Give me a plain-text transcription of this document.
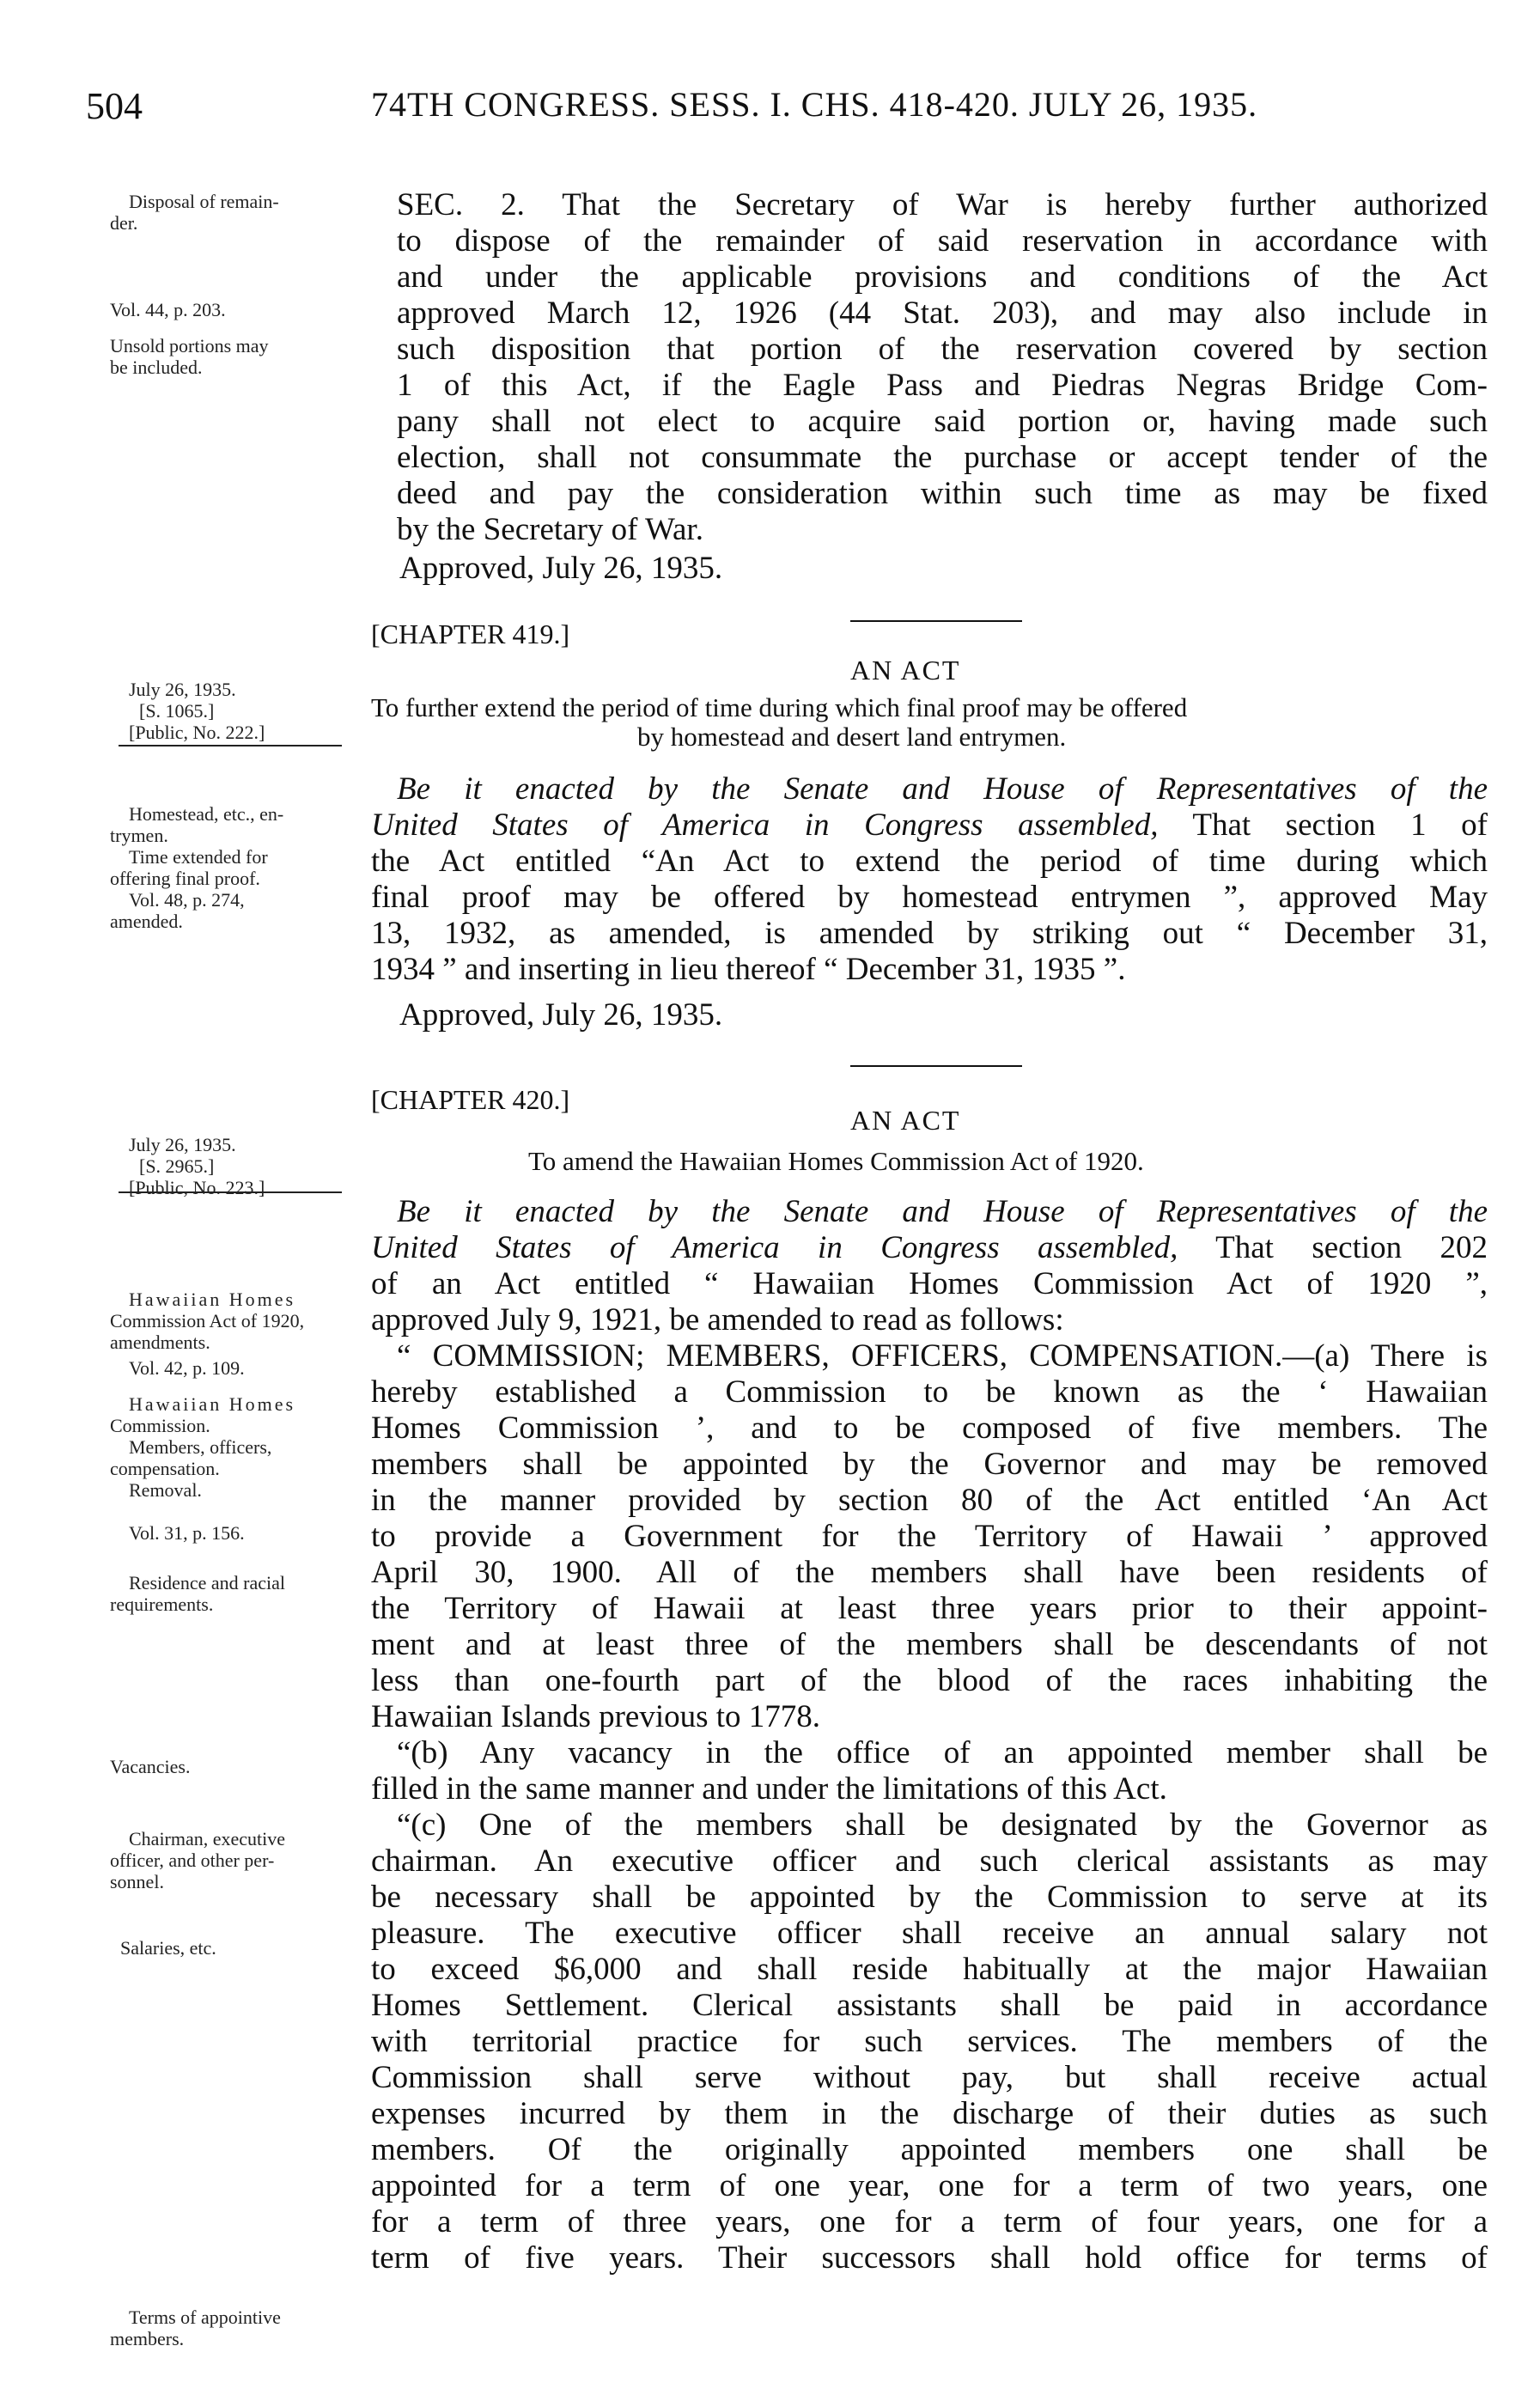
504	74TH CONGRESS. SESS. I. CHS. 418-420. JULY 26, 1935.
SEC. 2. That the Secretary of War is hereby further authorized
to dispose of the remainder of said reservation in accordance with
and under the applicable provisions and conditions of the Act
approved March 12, 1926 (44 Stat. 203), and may also include in
such disposition that portion of the reservation covered by section
1 of this Act, if the Eagle Pass and Piedras Negras Bridge Com-
pany shall not elect to acquire said portion or, having made such
election, shall not consummate the purchase or accept tender of the
deed and pay the consideration within such time as may be fixed
by the Secretary of War.
Approved, July 26, 1935.
Disposal of remain-
der.
Vol. 44, p. 203.
Unsold portions may
be included.
[CHAPTER 419.]
AN ACT
To further extend the period of time during which final proof may be offered
by homestead and desert land entrymen.
July 26, 1935.
[S. 1065.]
[Public, No. 222.]
Be it enacted by the Senate and House of Representatives of the
United States of America in Congress assembled, That section 1 of
the Act entitled “An Act to extend the period of time during which
final proof may be offered by homestead entrymen ”, approved May
13, 1932, as amended, is amended by striking out “ December 31,
1934 ” and inserting in lieu thereof “ December 31, 1935 ”.
Approved, July 26, 1935.
Homestead, etc., en-
trymen.
Time extended for
offering final proof.
Vol. 48, p. 274,
amended.
[CHAPTER 420.]
AN ACT
To amend the Hawaiian Homes Commission Act of 1920.
July 26, 1935.
[S. 2965.]
[Public, No. 223.]
Be it enacted by the Senate and House of Representatives of the
United States of America in Congress assembled, That section 202
of an Act entitled “ Hawaiian Homes Commission Act of 1920 ”,
approved July 9, 1921, be amended to read as follows:
“ COMMISSION; MEMBERS, OFFICERS, COMPENSATION.—(a) There is
hereby established a Commission to be known as the ‘ Hawaiian
Homes Commission ’, and to be composed of five members. The
members shall be appointed by the Governor and may be removed
in the manner provided by section 80 of the Act entitled ‘An Act
to provide a Government for the Territory of Hawaii ’ approved
April 30, 1900. All of the members shall have been residents of
the Territory of Hawaii at least three years prior to their appoint-
ment and at least three of the members shall be descendants of not
less than one-fourth part of the blood of the races inhabiting the
Hawaiian Islands previous to 1778.
“(b) Any vacancy in the office of an appointed member shall be
filled in the same manner and under the limitations of this Act.
“(c) One of the members shall be designated by the Governor as
chairman. An executive officer and such clerical assistants as may
be necessary shall be appointed by the Commission to serve at its
pleasure. The executive officer shall receive an annual salary not
to exceed $6,000 and shall reside habitually at the major Hawaiian
Homes Settlement. Clerical assistants shall be paid in accordance
with territorial practice for such services. The members of the
Commission shall serve without pay, but shall receive actual
expenses incurred by them in the discharge of their duties as such
members. Of the originally appointed members one shall be
appointed for a term of one year, one for a term of two years, one
for a term of three years, one for a term of four years, one for a
term of five years. Their successors shall hold office for terms of
Hawaiian Homes
Commission Act of 1920,
amendments.
Vol. 42, p. 109.
Hawaiian Homes
Commission.
Members, officers,
compensation.
Removal.
Vol. 31, p. 156.
Residence and racial
requirements.
Vacancies.
Chairman, executive
officer, and other per-
sonnel.
Salaries, etc.
Terms of appointive
members.
